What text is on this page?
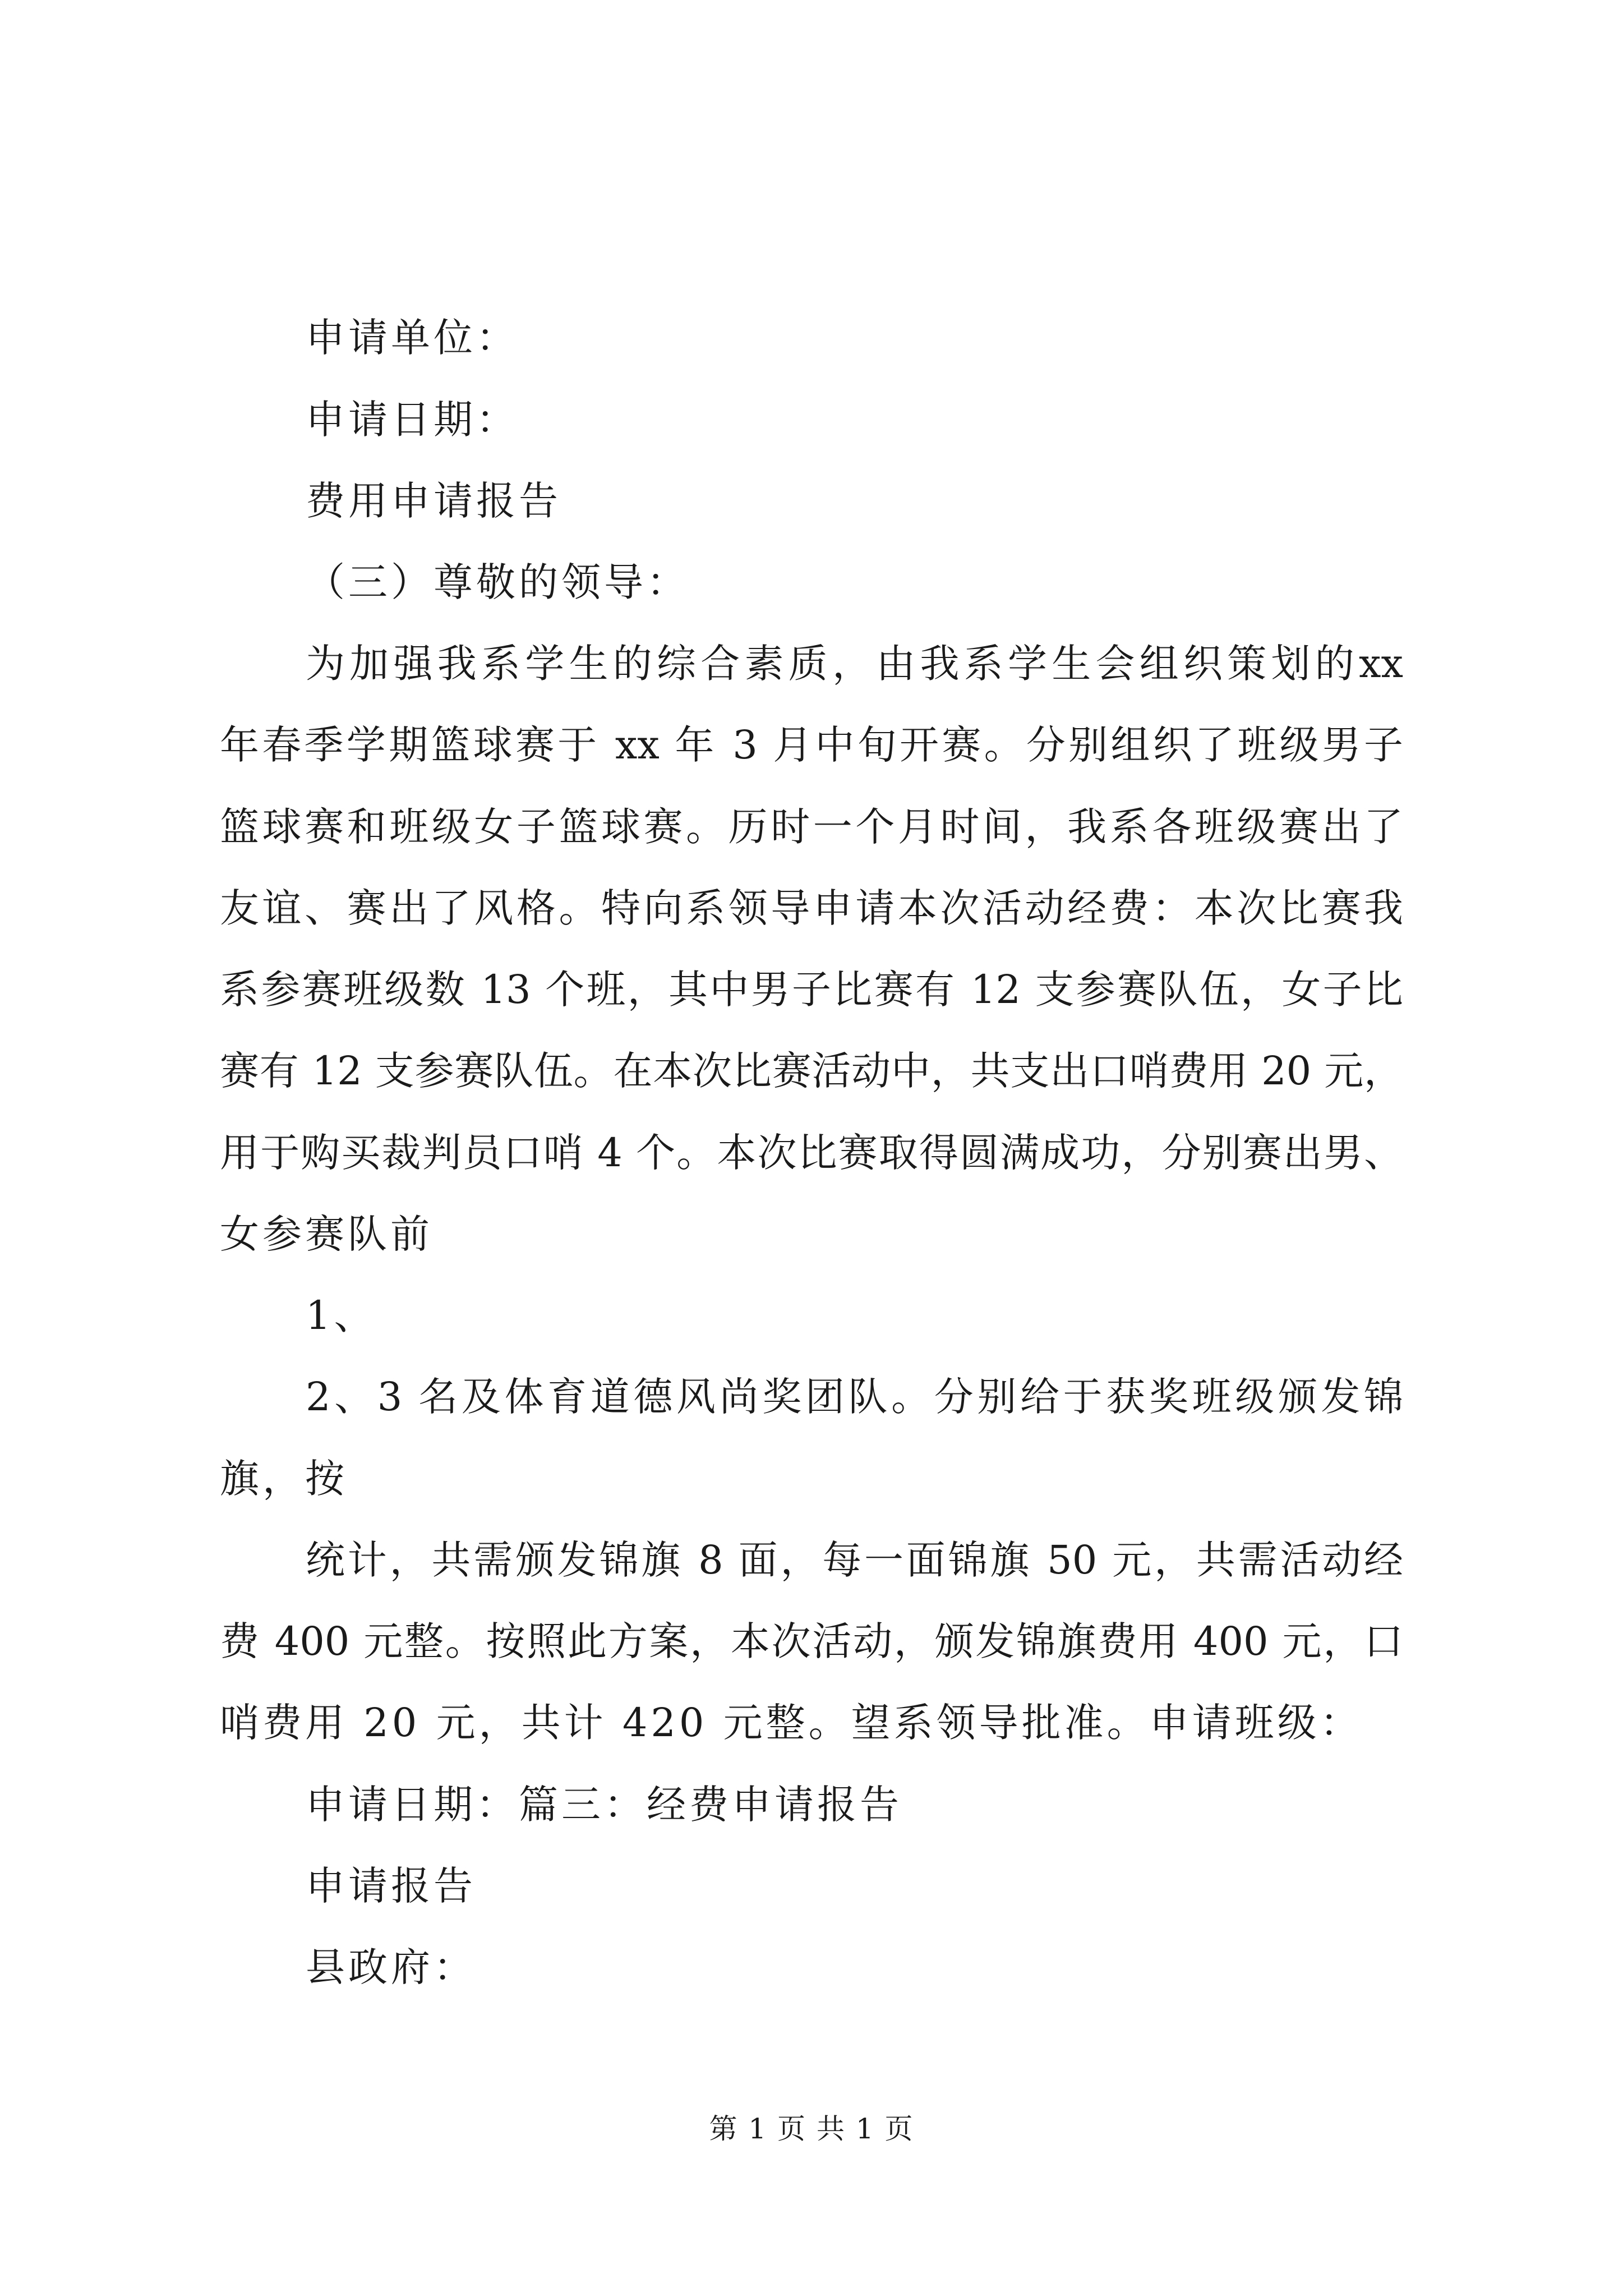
申请单位：
申请日期：
费用申请报告
（三）尊敬的领导：
为加强我系学生的综合素质，由我系学生会组织策划的xx
年春季学期篮球赛于 xx 年 3 月中旬开赛。分别组织了班级男子
篮球赛和班级女子篮球赛。历时一个月时间，我系各班级赛出了
友谊、赛出了风格。特向系领导申请本次活动经费：本次比赛我
系参赛班级数 13 个班，其中男子比赛有 12 支参赛队伍，女子比
赛有 12 支参赛队伍。在本次比赛活动中，共支出口哨费用 20 元，
用于购买裁判员口哨 4 个。本次比赛取得圆满成功，分别赛出男、
女参赛队前
1、
2、3 名及体育道德风尚奖团队。分别给于获奖班级颁发锦
旗，按
统计，共需颁发锦旗 8 面，每一面锦旗 50 元，共需活动经
费 400 元整。按照此方案，本次活动，颁发锦旗费用 400 元，口
哨费用 20 元，共计 420 元整。望系领导批准。申请班级：
申请日期：篇三：经费申请报告
申请报告
县政府：
第 1 页 共 1 页
